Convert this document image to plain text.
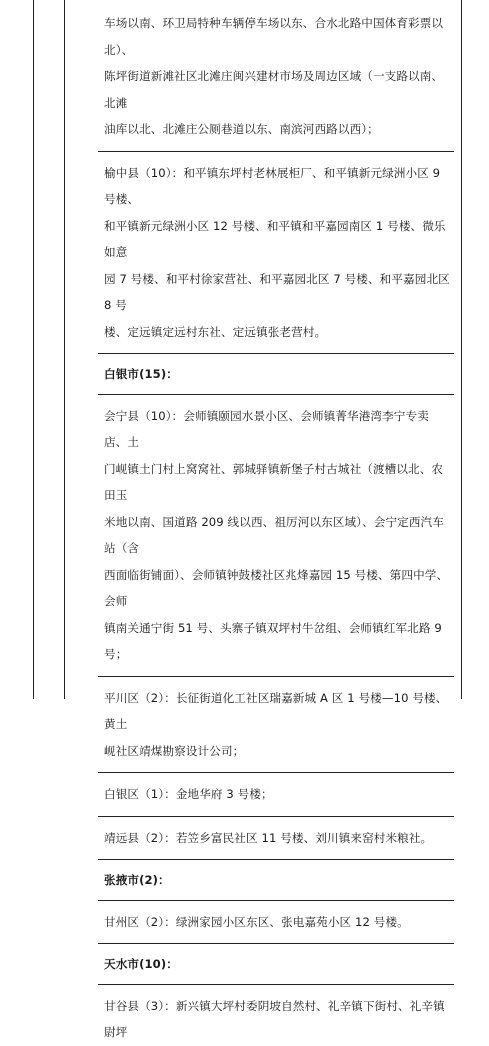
车场以南、环卫局特种车辆停车场以东、合水北路中国体育彩票以北）、

陈坪街道新滩社区北滩庄闽兴建材市场及周边区域（一支路以南、北滩

油库以北、北滩庄公厕巷道以东、南滨河西路以西）；

榆中县（10）：和平镇东坪村老林展柜厂、和平镇新元绿洲小区 9 号楼、

和平镇新元绿洲小区 12 号楼、和平镇和平嘉园南区 1 号楼、微乐如意

园 7 号楼、和平村徐家营社、和平嘉园北区 7 号楼、和平嘉园北区 8 号

楼、定远镇定远村东社、定远镇张老营村。

白银市(15)：

会宁县（10）：会师镇颐园水景小区、会师镇菁华港湾李宁专卖店、土

门岘镇土门村上窝窝社、郭城驿镇新堡子村古城社（渡槽以北、农田玉

米地以南、国道路 209 线以西、祖厉河以东区域）、会宁定西汽车站（含

西面临街铺面）、会师镇钟鼓楼社区兆烽嘉园 15 号楼、第四中学、会师

镇南关通宁街 51 号、头寨子镇双坪村牛岔组、会师镇红军北路 9 号；

平川区（2）：长征街道化工社区瑞嘉新城 A 区 1 号楼—10 号楼、黄土

岘社区靖煤勘察设计公司；

白银区（1）：金地华府 3 号楼；

靖远县（2）：若笠乡富民社区 11 号楼、刘川镇来窑村米粮社。

张掖市(2)：

甘州区（2）：绿洲家园小区东区、张电嘉苑小区 12 号楼。

天水市(10)：

甘谷县（3）：新兴镇大坪村委阴坡自然村、礼辛镇下街村、礼辛镇尉坪
